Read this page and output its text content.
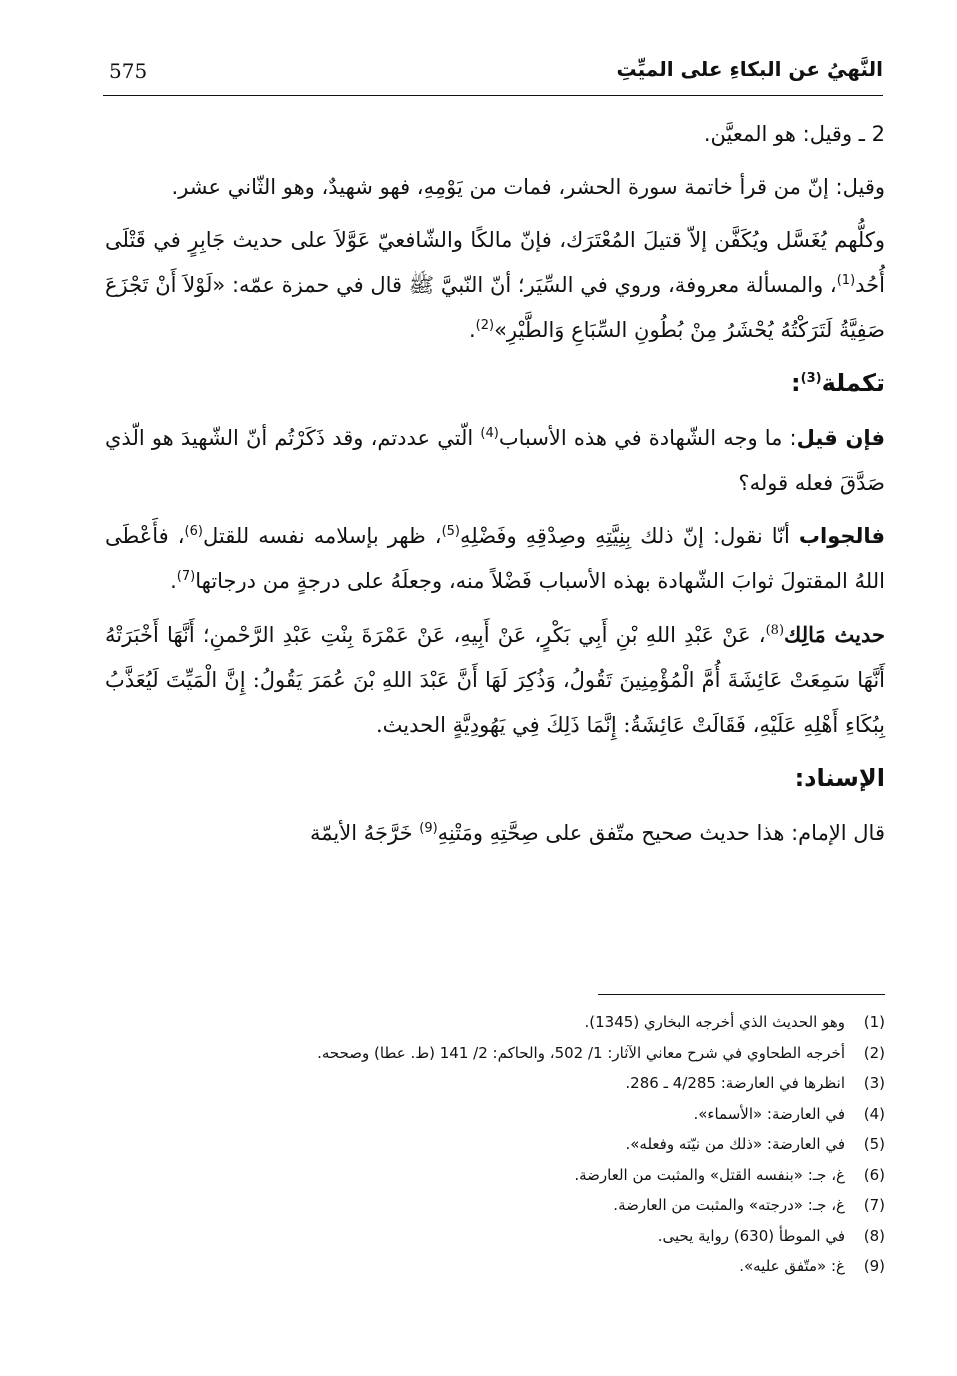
575	النَّهيُ عن البكاءِ على الميِّتِ

2 ـ وقيل: هو المعيَّن.

وقيل: إنّ من قرأ خاتمة سورة الحشر، فمات من يَوْمِهِ، فهو شهيدٌ، وهو الثّاني عشر.

وكلُّهم يُغَسَّل ويُكَفَّن إلاّ قتيلَ المُعْتَرَك، فإنّ مالكًا والشّافعيّ عَوَّلاَ على حديث جَابِرٍ في قَتْلَى أُحُد$^{(1)}$، والمسألة معروفة، وروي في السِّيَر؛ أنّ النّبيَّ ﷺ قال في حمزة عمّه: «لَوْلاَ أَنْ تَجْزَعَ صَفِيَّةُ لَتَرَكْتُهُ يُحْشَرُ مِنْ بُطُونِ السِّبَاعِ وَالطَّيْرِ»$^{(2)}$.

تكملة$^{(3)}$:

فإن قيل: ما وجه الشّهادة في هذه الأسباب$^{(4)}$ الّتي عددتم، وقد ذَكَرْتُم أنّ الشّهيدَ هو الّذي صَدَّقَ فعله قوله؟

فالجواب أنّا نقول: إنّ ذلك بِنِيَّتِهِ وصِدْقِهِ وفَضْلِهِ$^{(5)}$، ظهر بإسلامه نفسه للقتل$^{(6)}$، فأَعْطَى اللهُ المقتولَ ثوابَ الشّهادة بهذه الأسباب فَضْلاً منه، وجعلَهُ على درجةٍ من درجاتها$^{(7)}$.

حديث مَالِك$^{(8)}$، عَنْ عَبْدِ اللهِ بْنِ أَبِي بَكْرٍ، عَنْ أَبِيهِ، عَنْ عَمْرَةَ بِنْتِ عَبْدِ الرَّحْمنِ؛ أَنَّهَا أَخْبَرَتْهُ أَنَّهَا سَمِعَتْ عَائِشَةَ أُمَّ الْمُؤْمِنِينَ تَقُولُ، وَذُكِرَ لَهَا أَنَّ عَبْدَ اللهِ بْنَ عُمَرَ يَقُولُ: إِنَّ الْمَيِّتَ لَيُعَذَّبُ بِبُكَاءِ أَهْلِهِ عَلَيْهِ، فَقَالَتْ عَائِشَةُ: إِنَّمَا ذَلِكَ فِي يَهُودِيَّةٍ الحديث.

الإسناد:

قال الإمام: هذا حديث صحيح متّفق على صِحَّتِهِ ومَتْنِهِ$^{(9)}$ خَرَّجَهُ الأيمّة

(1)وهو الحديث الذي أخرجه البخاري (1345).
(2)أخرجه الطحاوي في شرح معاني الآثار: 1/ 502، والحاكم: 2/ 141 (ط. عطا) وصححه.
(3)انظرها في العارضة: 4/285 ـ 286.
(4)في العارضة: «الأسماء».
(5)في العارضة: «ذلك من نيّته وفعله».
(6)غ، جـ: «بنفسه القتل» والمثبت من العارضة.
(7)غ، جـ: «درجته» والمثبت من العارضة.
(8)في الموطأ (630) رواية يحيى.
(9)غ: «متّفق عليه».
